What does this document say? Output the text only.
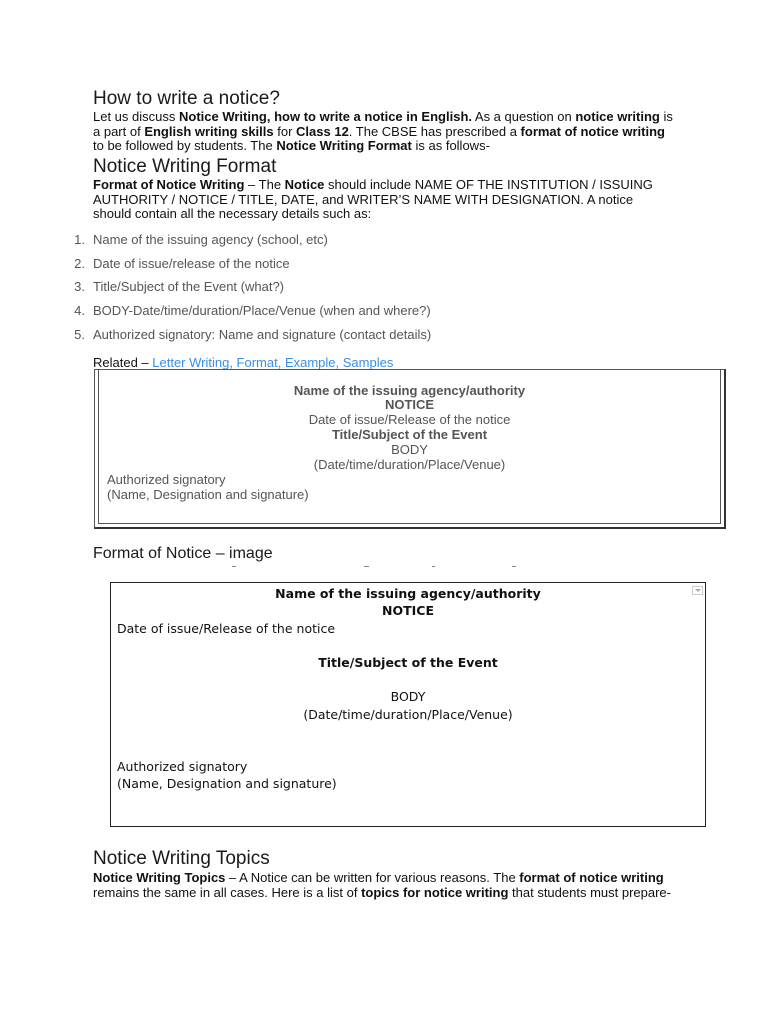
How to write a notice?

Let us discuss Notice Writing, how to write a notice in English. As a question on notice writing is a part of English writing skills for Class 12. The CBSE has prescribed a format of notice writing to be followed by students. The Notice Writing Format is as follows-

Notice Writing Format

Format of Notice Writing – The Notice should include NAME OF THE INSTITUTION / ISSUING AUTHORITY / NOTICE / TITLE, DATE, and WRITER’S NAME WITH DESIGNATION. A notice should contain all the necessary details such as:

1. Name of the issuing agency (school, etc)
2. Date of issue/release of the notice
3. Title/Subject of the Event (what?)
4. BODY-Date/time/duration/Place/Venue (when and where?)
5. Authorized signatory: Name and signature (contact details)
Related – Letter Writing, Format, Example, Samples
Name of the issuing agency/authority
NOTICE
Date of issue/Release of the notice
Title/Subject of the Event
BODY
(Date/time/duration/Place/Venue)
Authorized signatory
(Name, Designation and signature)
Format of Notice – image
Name of the issuing agency/authority
NOTICE
Date of issue/Release of the notice
Title/Subject of the Event
BODY
(Date/time/duration/Place/Venue)
Authorized signatory
(Name, Designation and signature)
Notice Writing Topics

Notice Writing Topics – A Notice can be written for various reasons. The format of notice writing remains the same in all cases. Here is a list of topics for notice writing that students must prepare-
